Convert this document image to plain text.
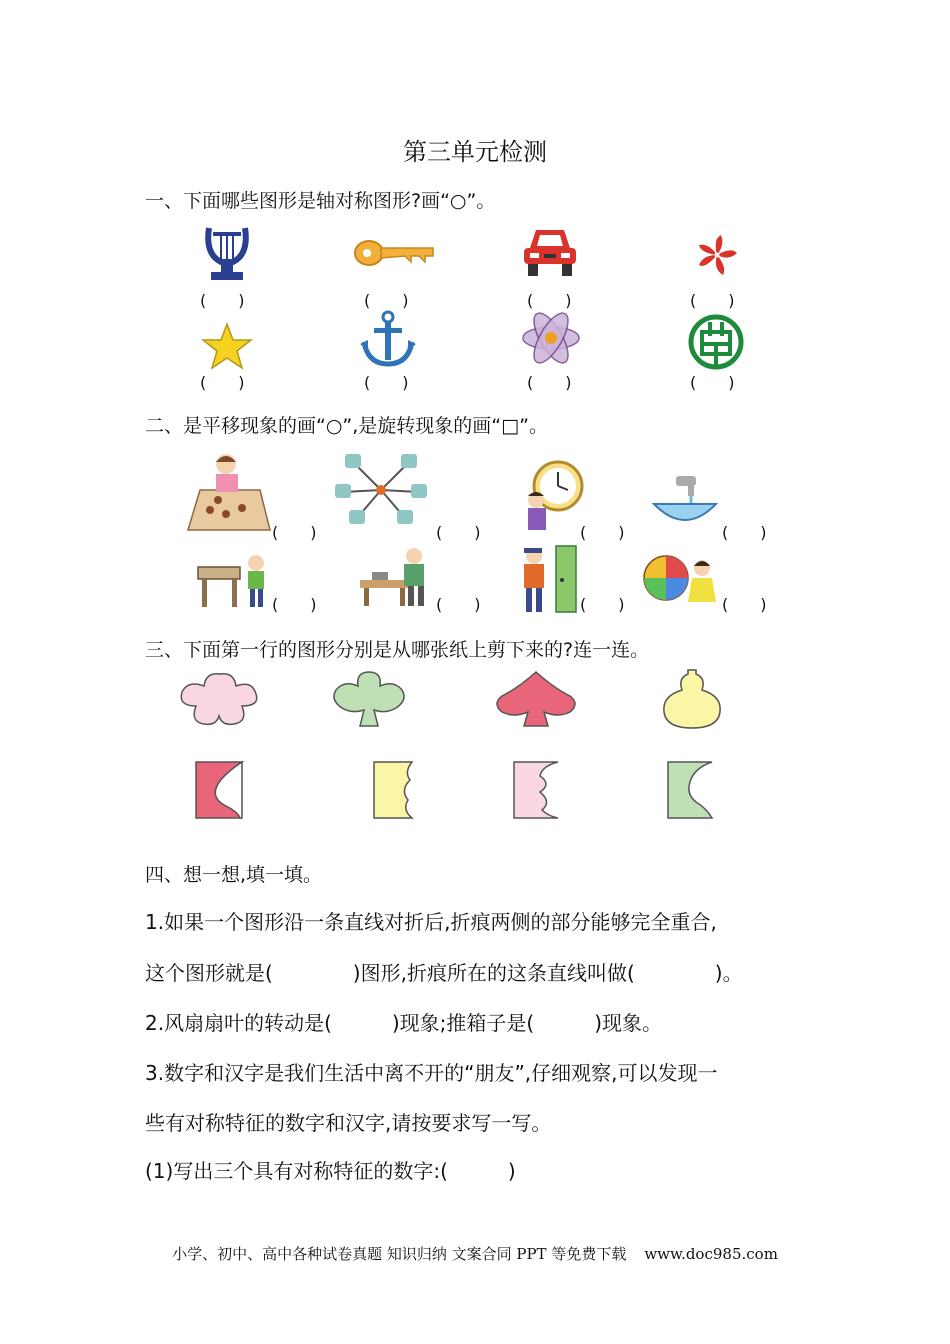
第三单元检测
一、下面哪些图形是轴对称图形?画“○”。
(　　)	(　　)	(　　)	(　　)
(　　)	(　　)	(　　)	(　　)
二、是平移现象的画“○”,是旋转现象的画“□”。
(　　)	(　　)	(　　)	(　　)
(　　)	(　　)	(　　)	(　　)
三、下面第一行的图形分别是从哪张纸上剪下来的?连一连。
四、想一想,填一填。
1.如果一个图形沿一条直线对折后,折痕两侧的部分能够完全重合,
这个图形就是(　　　　)图形,折痕所在的这条直线叫做(　　　　)。
2.风扇扇叶的转动是(　　　)现象;推箱子是(　　　)现象。
3.数字和汉字是我们生活中离不开的“朋友”,仔细观察,可以发现一
些有对称特征的数字和汉字,请按要求写一写。
(1)写出三个具有对称特征的数字:(　　　)
小学、初中、高中各种试卷真题 知识归纳 文案合同 PPT 等免费下载 www.doc985.com
